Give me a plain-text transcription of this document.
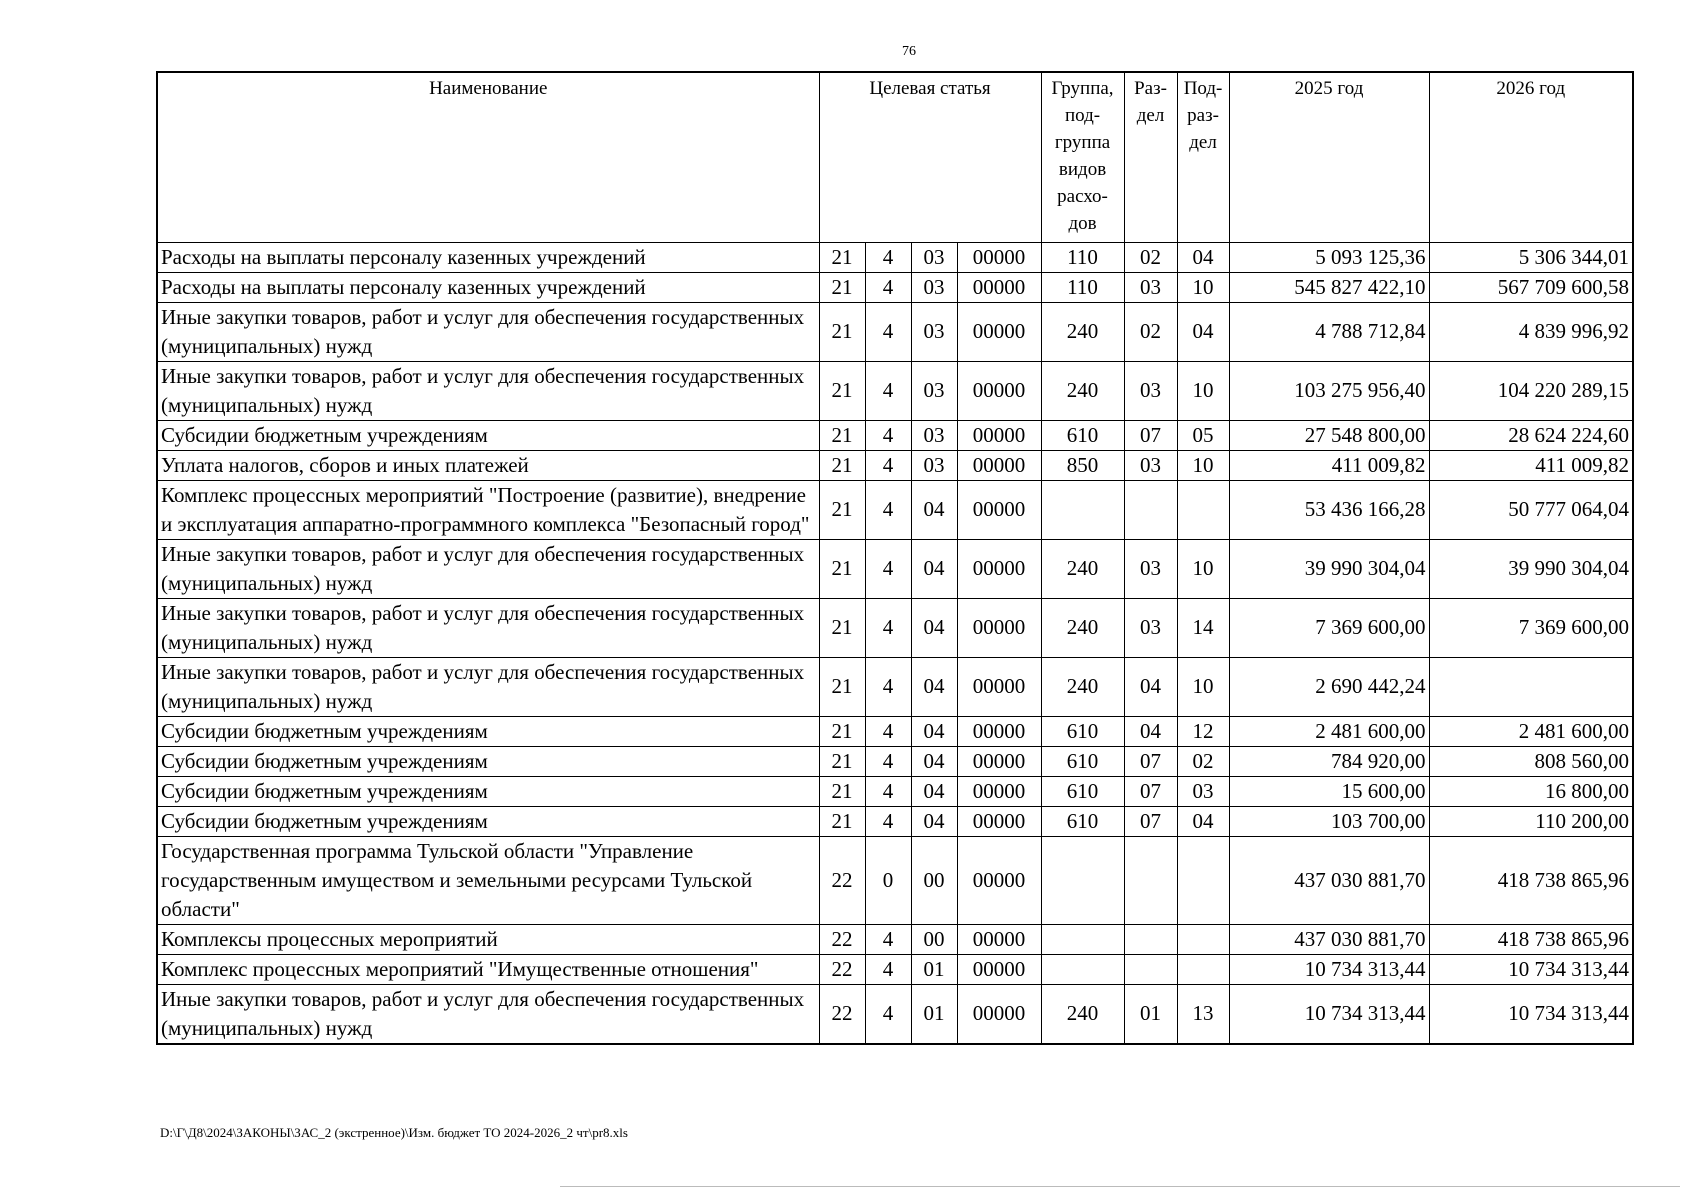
76
Наименование	Целевая статья				Группа, под-группа видов расхо-дов	Раз-дел	Под-раз-дел	2025 год	2026 год
Расходы на выплаты персоналу казенных учреждений	21	4	03	00000	110	02	04	5 093 125,36	5 306 344,01
Расходы на выплаты персоналу казенных учреждений	21	4	03	00000	110	03	10	545 827 422,10	567 709 600,58
Иные закупки товаров, работ и услуг для обеспечения государственных (муниципальных) нужд	21	4	03	00000	240	02	04	4 788 712,84	4 839 996,92
Иные закупки товаров, работ и услуг для обеспечения государственных (муниципальных) нужд	21	4	03	00000	240	03	10	103 275 956,40	104 220 289,15
Субсидии бюджетным учреждениям	21	4	03	00000	610	07	05	27 548 800,00	28 624 224,60
Уплата налогов, сборов и иных платежей	21	4	03	00000	850	03	10	411 009,82	411 009,82
Комплекс процессных мероприятий "Построение (развитие), внедрение и эксплуатация аппаратно-программного комплекса "Безопасный город"	21	4	04	00000				53 436 166,28	50 777 064,04
Иные закупки товаров, работ и услуг для обеспечения государственных (муниципальных) нужд	21	4	04	00000	240	03	10	39 990 304,04	39 990 304,04
Иные закупки товаров, работ и услуг для обеспечения государственных (муниципальных) нужд	21	4	04	00000	240	03	14	7 369 600,00	7 369 600,00
Иные закупки товаров, работ и услуг для обеспечения государственных (муниципальных) нужд	21	4	04	00000	240	04	10	2 690 442,24	
Субсидии бюджетным учреждениям	21	4	04	00000	610	04	12	2 481 600,00	2 481 600,00
Субсидии бюджетным учреждениям	21	4	04	00000	610	07	02	784 920,00	808 560,00
Субсидии бюджетным учреждениям	21	4	04	00000	610	07	03	15 600,00	16 800,00
Субсидии бюджетным учреждениям	21	4	04	00000	610	07	04	103 700,00	110 200,00
Государственная программа Тульской области "Управление государственным имуществом и земельными ресурсами Тульской области"	22	0	00	00000				437 030 881,70	418 738 865,96
Комплексы процессных мероприятий	22	4	00	00000				437 030 881,70	418 738 865,96
Комплекс процессных мероприятий "Имущественные отношения"	22	4	01	00000				10 734 313,44	10 734 313,44
Иные закупки товаров, работ и услуг для обеспечения государственных (муниципальных) нужд	22	4	01	00000	240	01	13	10 734 313,44	10 734 313,44
D:\Г\Д8\2024\ЗАКОНЫ\ЗАС_2 (экстренное)\Изм. бюджет ТО 2024-2026_2 чт\pr8.xls
